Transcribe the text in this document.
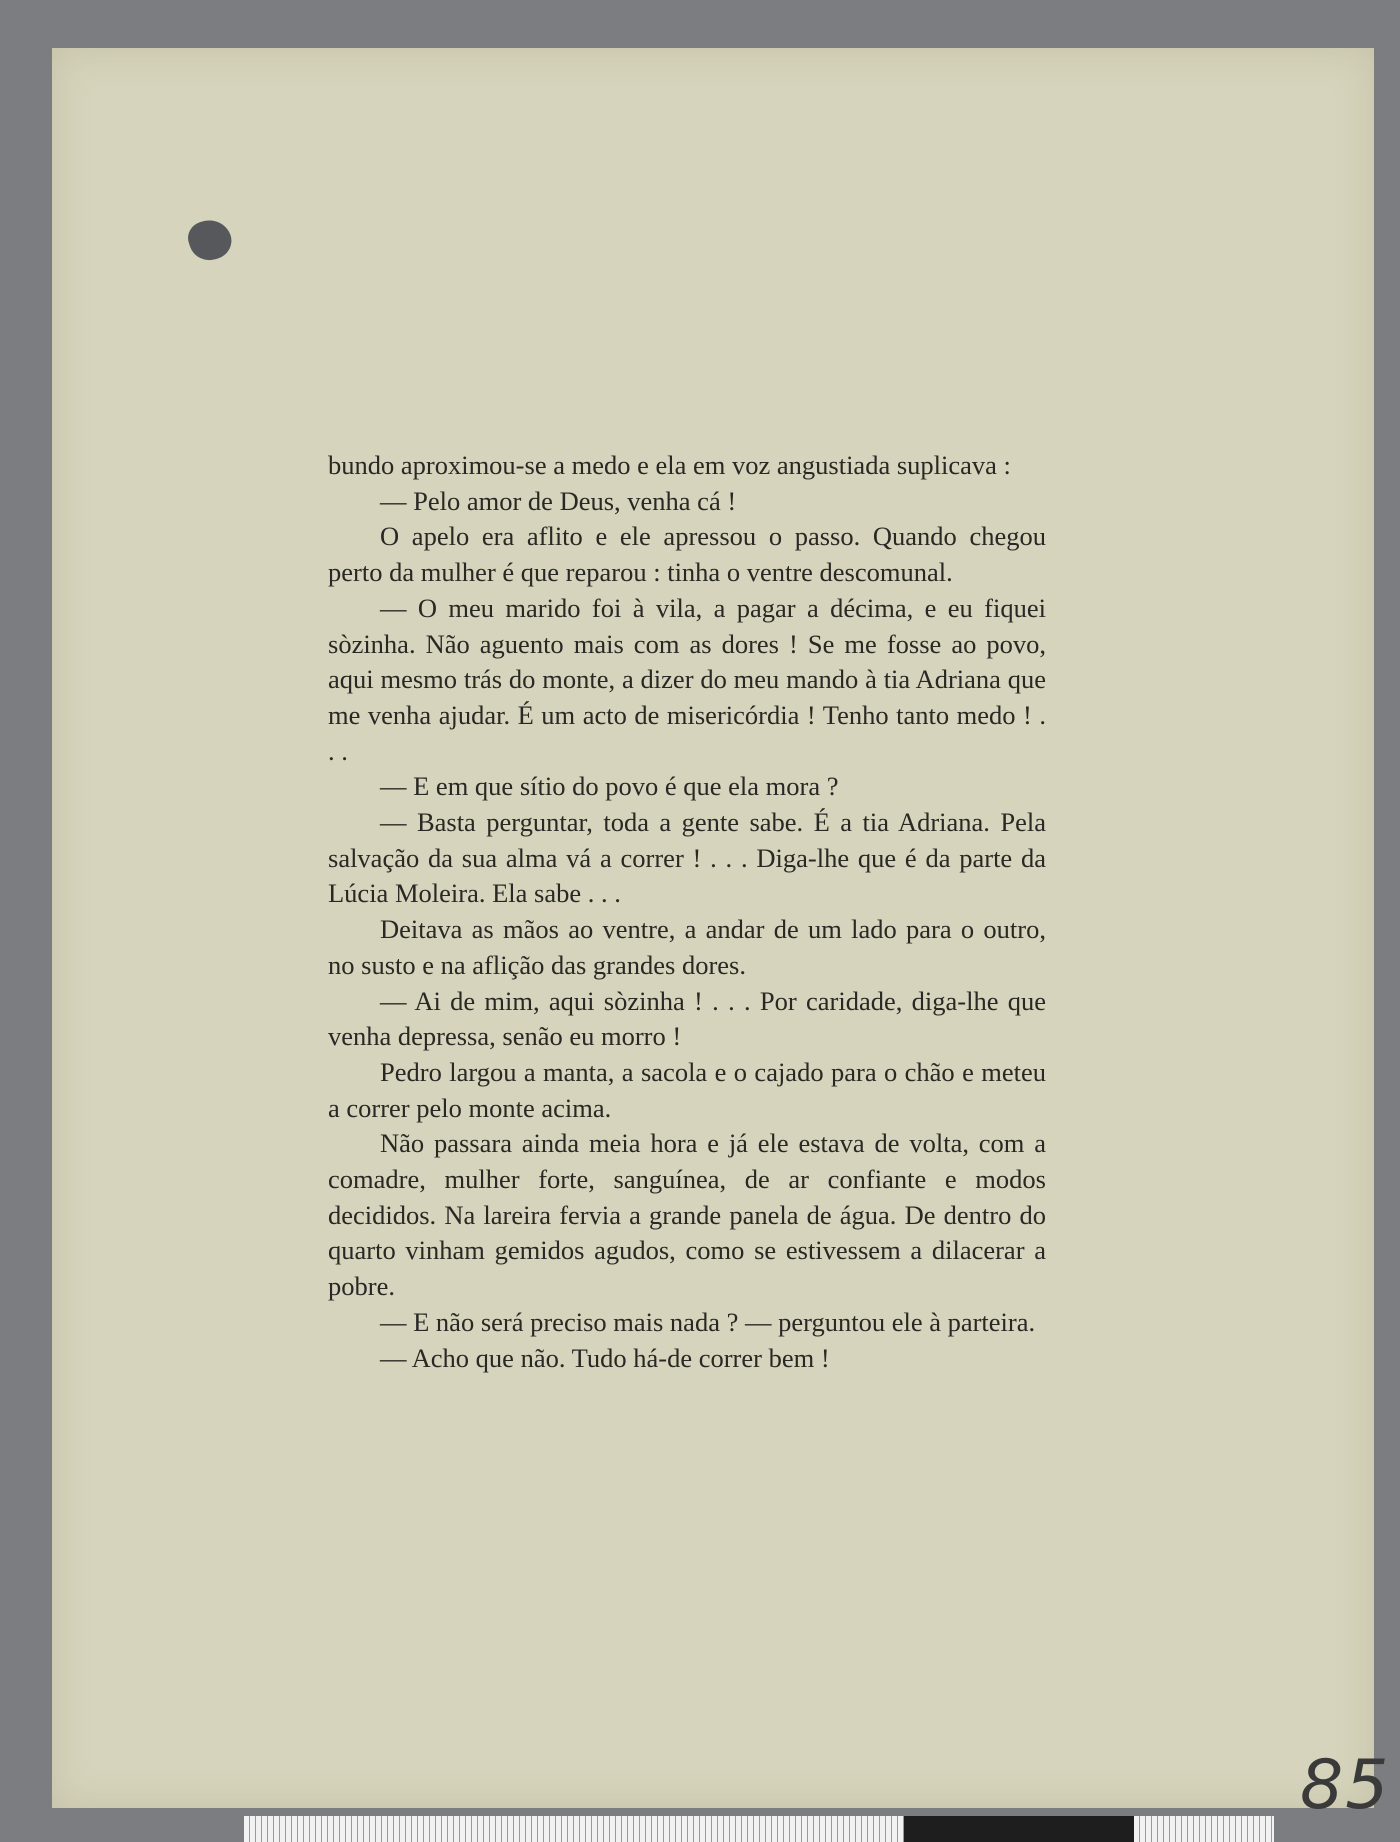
bundo aproximou-se a medo e ela em voz angustiada suplicava :

— Pelo amor de Deus, venha cá !

O apelo era aflito e ele apressou o passo. Quando chegou perto da mulher é que reparou : tinha o ventre descomunal.

— O meu marido foi à vila, a pagar a décima, e eu fiquei sòzinha. Não aguento mais com as dores ! Se me fosse ao povo, aqui mesmo trás do monte, a dizer do meu mando à tia Adriana que me venha ajudar. É um acto de misericórdia ! Tenho tanto medo ! . . .

— E em que sítio do povo é que ela mora ?

— Basta perguntar, toda a gente sabe. É a tia Adriana. Pela salvação da sua alma vá a correr ! . . . Diga-lhe que é da parte da Lúcia Moleira. Ela sabe . . .

Deitava as mãos ao ventre, a andar de um lado para o outro, no susto e na aflição das grandes dores.

— Ai de mim, aqui sòzinha ! . . . Por caridade, diga-lhe que venha depressa, senão eu morro !

Pedro largou a manta, a sacola e o cajado para o chão e meteu a correr pelo monte acima.

Não passara ainda meia hora e já ele estava de volta, com a comadre, mulher forte, sanguínea, de ar confiante e modos decididos. Na lareira fervia a grande panela de água. De dentro do quarto vinham gemidos agudos, como se estivessem a dilacerar a pobre.

— E não será preciso mais nada ? — perguntou ele à parteira.

— Acho que não. Tudo há-de correr bem !

85
